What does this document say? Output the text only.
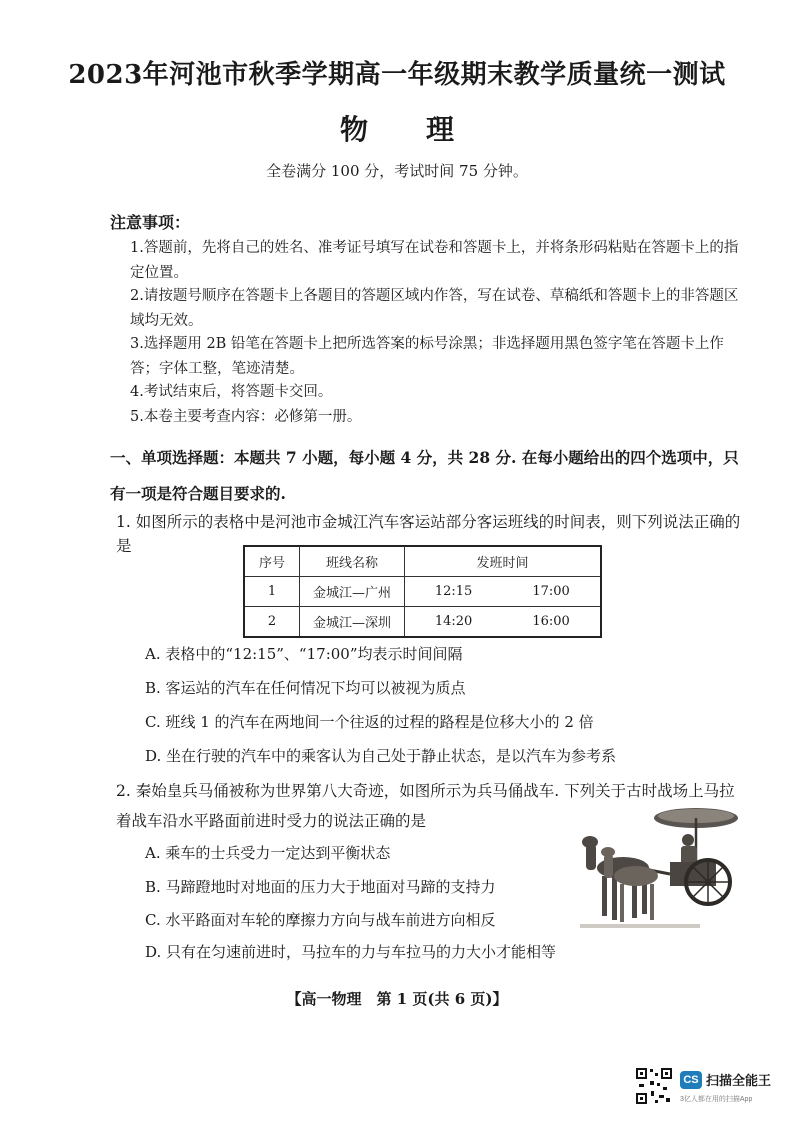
2023年河池市秋季学期高一年级期末教学质量统一测试
物理
全卷满分 100 分，考试时间 75 分钟。
注意事项：
1.答题前，先将自己的姓名、准考证号填写在试卷和答题卡上，并将条形码粘贴在答题卡上的指定位置。
2.请按题号顺序在答题卡上各题目的答题区域内作答，写在试卷、草稿纸和答题卡上的非答题区域均无效。
3.选择题用 2B 铅笔在答题卡上把所选答案的标号涂黑；非选择题用黑色签字笔在答题卡上作答；字体工整，笔迹清楚。
4.考试结束后，将答题卡交回。
5.本卷主要考查内容：必修第一册。
一、单项选择题：本题共 7 小题，每小题 4 分，共 28 分. 在每小题给出的四个选项中，只有一项是符合题目要求的.
1. 如图所示的表格中是河池市金城江汽车客运站部分客运班线的时间表，则下列说法正确的是
序号	班线名称	发班时间	
1	金城江—广州	12:15	17:00
2	金城江—深圳	14:20	16:00
A. 表格中的“12:15”、“17:00”均表示时间间隔
B. 客运站的汽车在任何情况下均可以被视为质点
C. 班线 1 的汽车在两地间一个往返的过程的路程是位移大小的 2 倍
D. 坐在行驶的汽车中的乘客认为自己处于静止状态，是以汽车为参考系
2. 秦始皇兵马俑被称为世界第八大奇迹，如图所示为兵马俑战车. 下列关于古时战场上马拉着战车沿水平路面前进时受力的说法正确的是
A. 乘车的士兵受力一定达到平衡状态
B. 马蹄蹬地时对地面的压力大于地面对马蹄的支持力
C. 水平路面对车轮的摩擦力方向与战车前进方向相反
D. 只有在匀速前进时，马拉车的力与车拉马的力大小才能相等
【高一物理　第 1 页(共 6 页)】
CS 扫描全能王
3亿人都在用的扫描App
